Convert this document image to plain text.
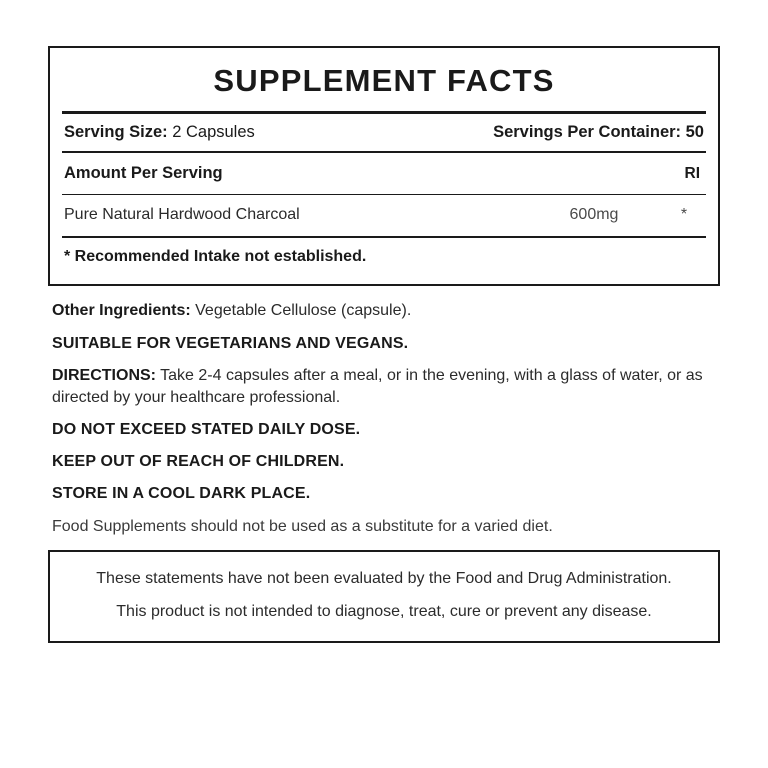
SUPPLEMENT FACTS
Serving Size: 2 Capsules	Servings Per Container: 50
Amount Per Serving	RI
Pure Natural Hardwood Charcoal	600mg	*
* Recommended Intake not established.

Other Ingredients: Vegetable Cellulose (capsule).

SUITABLE FOR VEGETARIANS AND VEGANS.

DIRECTIONS: Take 2-4 capsules after a meal, or in the evening, with a glass of water, or as directed by your healthcare professional.

DO NOT EXCEED STATED DAILY DOSE.

KEEP OUT OF REACH OF CHILDREN.

STORE IN A COOL DARK PLACE.

Food Supplements should not be used as a substitute for a varied diet.

These statements have not been evaluated by the Food and Drug Administration.

This product is not intended to diagnose, treat, cure or prevent any disease.
